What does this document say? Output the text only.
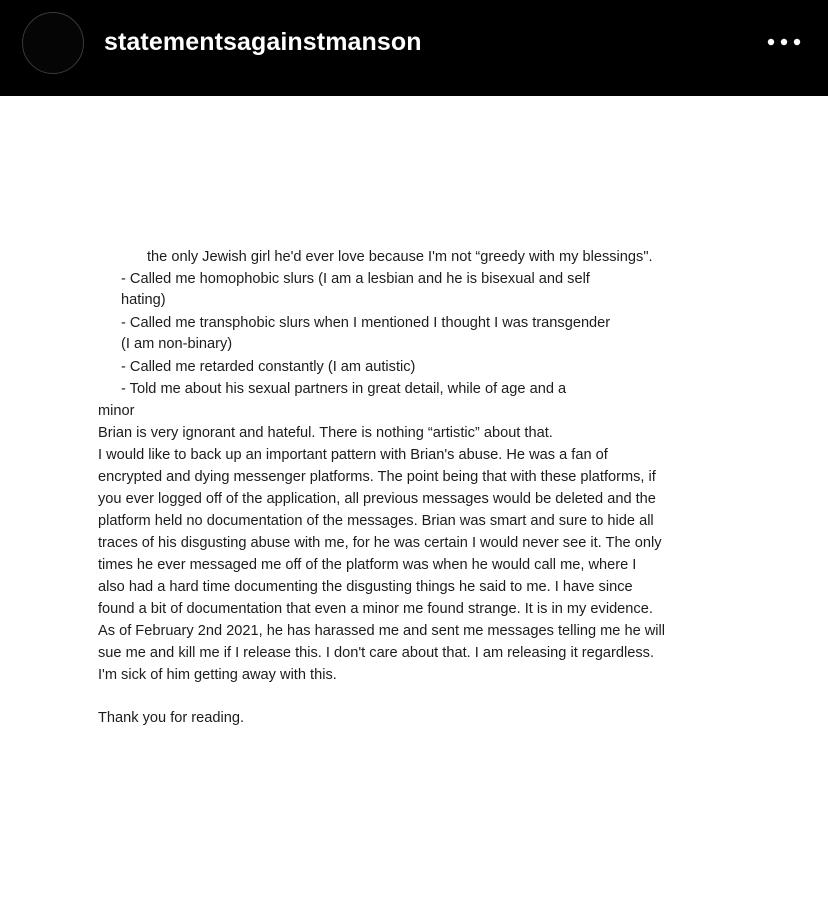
statementsagainstmanson
the only Jewish girl he'd ever love because I'm not “greedy with my blessings".
- Called me homophobic slurs (I am a lesbian and he is bisexual and self
hating)
- Called me transphobic slurs when I mentioned I thought I was transgender
(I am non-binary)
- Called me retarded constantly (I am autistic)
- Told me about his sexual partners in great detail, while of age and a
minor
Brian is very ignorant and hateful. There is nothing “artistic” about that.
I would like to back up an important pattern with Brian's abuse. He was a fan of
encrypted and dying messenger platforms. The point being that with these platforms, if
you ever logged off of the application, all previous messages would be deleted and the
platform held no documentation of the messages. Brian was smart and sure to hide all
traces of his disgusting abuse with me, for he was certain I would never see it. The only
times he ever messaged me off of the platform was when he would call me, where I
also had a hard time documenting the disgusting things he said to me. I have since
found a bit of documentation that even a minor me found strange. It is in my evidence.
As of February 2nd 2021, he has harassed me and sent me messages telling me he will
sue me and kill me if I release this. I don't care about that. I am releasing it regardless.
I'm sick of him getting away with this.
Thank you for reading.
